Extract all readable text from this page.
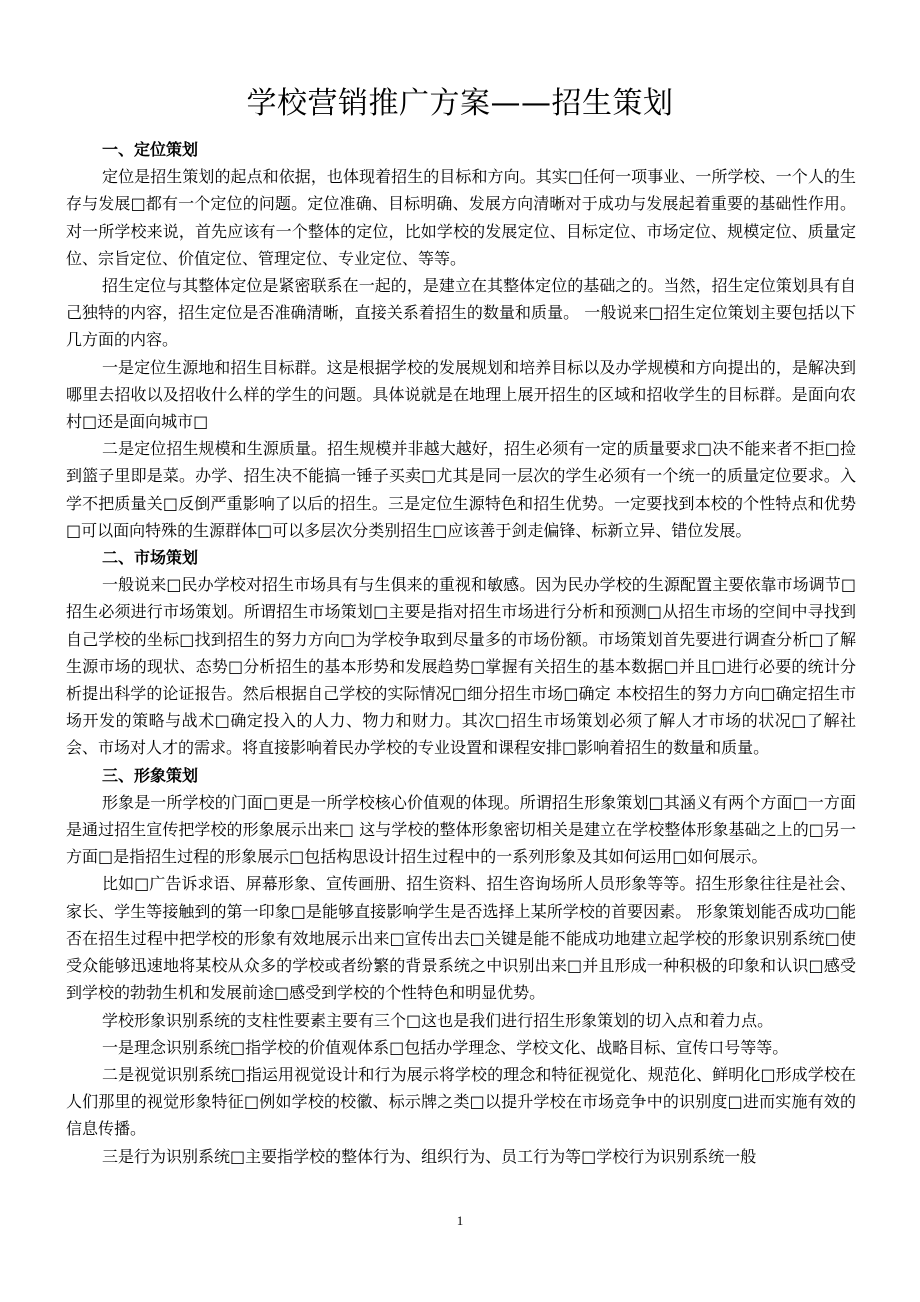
学校营销推广方案——招生策划
一、定位策划

定位是招生策划的起点和依据，也体现着招生的目标和方向。其实□任何一项事业、一所学校、一个人的生存与发展□都有一个定位的问题。定位准确、目标明确、发展方向清晰对于成功与发展起着重要的基础性作用。对一所学校来说，首先应该有一个整体的定位，比如学校的发展定位、目标定位、市场定位、规模定位、质量定位、宗旨定位、价值定位、管理定位、专业定位、等等。

招生定位与其整体定位是紧密联系在一起的，是建立在其整体定位的基础之的。当然，招生定位策划具有自己独特的内容，招生定位是否准确清晰，直接关系着招生的数量和质量。 一般说来□招生定位策划主要包括以下几方面的内容。

一是定位生源地和招生目标群。这是根据学校的发展规划和培养目标以及办学规模和方向提出的，是解决到哪里去招收以及招收什么样的学生的问题。具体说就是在地理上展开招生的区域和招收学生的目标群。是面向农村□还是面向城市□

二是定位招生规模和生源质量。招生规模并非越大越好，招生必须有一定的质量要求□决不能来者不拒□捡到篮子里即是菜。办学、招生决不能搞一锤子买卖□尤其是同一层次的学生必须有一个统一的质量定位要求。入学不把质量关□反倒严重影响了以后的招生。三是定位生源特色和招生优势。一定要找到本校的个性特点和优势□可以面向特殊的生源群体□可以多层次分类别招生□应该善于剑走偏锋、标新立异、错位发展。

二、市场策划

一般说来□民办学校对招生市场具有与生俱来的重视和敏感。因为民办学校的生源配置主要依靠市场调节□招生必须进行市场策划。所谓招生市场策划□主要是指对招生市场进行分析和预测□从招生市场的空间中寻找到自己学校的坐标□找到招生的努力方向□为学校争取到尽量多的市场份额。市场策划首先要进行调查分析□了解生源市场的现状、态势□分析招生的基本形势和发展趋势□掌握有关招生的基本数据□并且□进行必要的统计分析提出科学的论证报告。然后根据自己学校的实际情况□细分招生市场□确定 本校招生的努力方向□确定招生市场开发的策略与战术□确定投入的人力、物力和财力。其次□招生市场策划必须了解人才市场的状况□了解社会、市场对人才的需求。将直接影响着民办学校的专业设置和课程安排□影响着招生的数量和质量。

三、形象策划

形象是一所学校的门面□更是一所学校核心价值观的体现。所谓招生形象策划□其涵义有两个方面□一方面是通过招生宣传把学校的形象展示出来□ 这与学校的整体形象密切相关是建立在学校整体形象基础之上的□另一方面□是指招生过程的形象展示□包括构思设计招生过程中的一系列形象及其如何运用□如何展示。

比如□广告诉求语、屏幕形象、宣传画册、招生资料、招生咨询场所人员形象等等。招生形象往往是社会、家长、学生等接触到的第一印象□是能够直接影响学生是否选择上某所学校的首要因素。 形象策划能否成功□能否在招生过程中把学校的形象有效地展示出来□宣传出去□关键是能不能成功地建立起学校的形象识别系统□使受众能够迅速地将某校从众多的学校或者纷繁的背景系统之中识别出来□并且形成一种积极的印象和认识□感受到学校的勃勃生机和发展前途□感受到学校的个性特色和明显优势。

学校形象识别系统的支柱性要素主要有三个□这也是我们进行招生形象策划的切入点和着力点。

一是理念识别系统□指学校的价值观体系□包括办学理念、学校文化、战略目标、宣传口号等等。

二是视觉识别系统□指运用视觉设计和行为展示将学校的理念和特征视觉化、规范化、鲜明化□形成学校在人们那里的视觉形象特征□例如学校的校徽、标示牌之类□以提升学校在市场竞争中的识别度□进而实施有效的信息传播。

三是行为识别系统□主要指学校的整体行为、组织行为、员工行为等□学校行为识别系统一般

1
